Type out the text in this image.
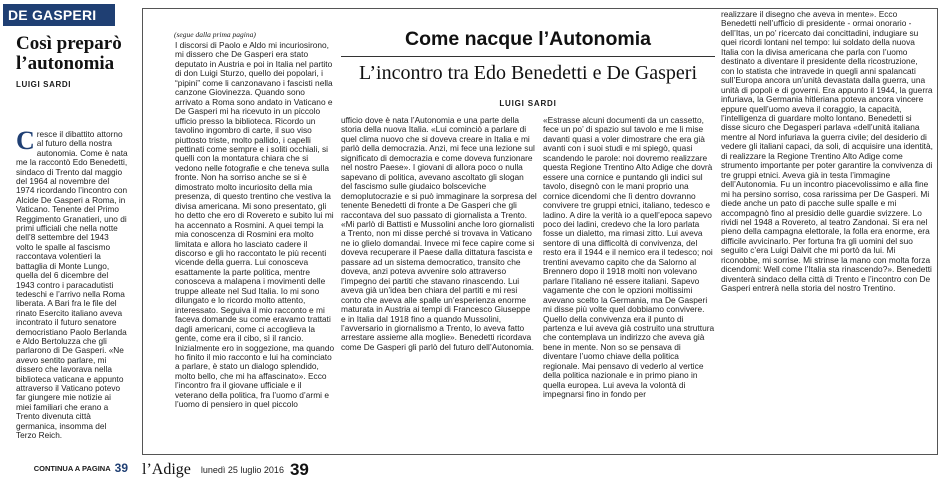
DE GASPERI
Così preparò l’autonomia
LUIGI SARDI
C resce il dibattito attorno al futuro della nostra autonomia. Come è nata me la raccontò Edo Benedetti, sindaco di Trento dal maggio del 1964 al novembre del 1974 ricordando l’incontro con Alcide De Gasperi a Roma, in Vaticano. Tenente del Primo Reggimento Granatieri, uno di primi ufficiali che nella notte dell’8 settembre del 1943 volto le spalle al fascismo raccontava volentieri la battaglia di Monte Lungo, quella del 6 dicembre del 1943 contro i paracadutisti tedeschi e l’arrivo nella Roma liberata. A Bari fra le file del rinato Esercito italiano aveva incontrato il futuro senatore democristiano Paolo Berlanda e Aldo Bertoluzza che gli parlarono di De Gasperi. «Ne avevo sentito parlare, mi dissero che lavorava nella biblioteca vaticana e appunto attraverso il Vaticano potevo far giungere mie notizie ai miei familiari che erano a Trento divenuta città germanica, insomma del Terzo Reich.
CONTINUA A PAGINA 39
(segue dalla prima pagina)
I discorsi di Paolo e Aldo mi incuriosirono, mi dissero che De Gasperi era stato deputato in Austria e poi in Italia nel partito di don Luigi Sturzo, quello dei popolari, i “pipini” come li canzonavano i fascisti nella canzone Giovinezza. Quando sono arrivato a Roma sono andato in Vaticano e De Gasperi mi ha ricevuto in un piccolo ufficio presso la biblioteca. Ricordo un tavolino ingombro di carte, il suo viso piuttosto triste, molto pallido, i capelli pettinati come sempre e i soliti occhiali, si quelli con la montatura chiara che si vedono nelle fotografie e che teneva sulla fronte. Non ha sorriso anche se si è dimostrato molto incuriosito della mia presenza, di questo trentino che vestiva la divisa americana. Mi sono presentato, gli ho detto che ero di Rovereto e subito lui mi ha accennato a Rosmini. A quei tempi la mia conoscenza di Rosmini era molto limitata e allora ho lasciato cadere il discorso e gli ho raccontato le più recenti vicende della guerra. Lui conosceva esattamente la parte politica, mentre conosceva a malapena i movimenti delle truppe alleate nel Sud Italia. Io mi sono dilungato e lo ricordo molto attento, interessato. Seguiva il mio racconto e mi faceva domande su come eravamo trattati dagli americani, come ci accoglieva la gente, come era il cibo, sì il rancio. Inizialmente ero in soggezione, ma quando ho finito il mio racconto e lui ha cominciato a parlare, è stato un dialogo splendido, molto bello, che mi ha affascinato». Ecco l’incontro fra il giovane ufficiale e il veterano della politica, fra l’uomo d’armi e l’uomo di pensiero in quel piccolo
Come nacque l’Autonomia
L’incontro tra Edo Benedetti e De Gasperi
LUIGI SARDI
ufficio dove è nata l’Autonomia e una parte della storia della nuova Italia. «Lui cominciò a parlare di quel clima nuovo che si doveva creare in Italia e mi parlò della democrazia. Anzi, mi fece una lezione sul significato di democrazia e come doveva funzionare nel nostro Paese». I giovani di allora poco o nulla sapevano di politica, avevano ascoltato gli slogan del fascismo sulle giudaico bolsceviche demoplutocrazie e si può immaginare la sorpresa del tenente Benedetti di fronte a De Gasperi che gli raccontava del suo passato di giornalista a Trento. «Mi parlò di Battisti e Mussolini anche loro giornalisti a Trento, non mi disse perché si trovava in Vaticano ne io glielo domandai. Invece mi fece capire come si doveva recuperare il Paese dalla dittatura fascista e passare ad un sistema democratico, transito che doveva, anzi poteva avvenire solo attraverso l’impegno dei partiti che stavano rinascendo. Lui aveva già un’idea ben chiara del partiti e mi resi conto che aveva alle spalle un’esperienza enorme maturata in Austria ai tempi di Francesco Giuseppe e in Italia dal 1918 fino a quando Mussolini, l’avversario in giornalismo a Trento, lo aveva fatto arrestare assieme alla moglie». Benedetti ricordava come De Gasperi gli parlò del futuro dell’Autonomia.
«Estrasse alcuni documenti da un cassetto, fece un po’ di spazio sul tavolo e me li mise davanti quasi a voler dimostrare che era già avanti con i suoi studi e mi spiegò, quasi scandendo le parole: noi dovremo realizzare questa Regione Trentino Alto Adige che dovrà essere una cornice e puntando gli indici sul tavolo, disegnò con le mani proprio una cornice dicendomi che lì dentro dovranno convivere tre gruppi etnici, italiano, tedesco e ladino. A dire la verità io a quell’epoca sapevo poco dei ladini, credevo che la loro parlata fosse un dialetto, ma rimasi zitto. Lui aveva sentore di una difficoltà di convivenza, del resto era il 1944 e il nemico era il tedesco; noi trentini avevamo capito che da Salorno al Brennero dopo il 1918 molti non volevano parlare l’italiano né essere italiani. Sapevo vagamente che con le opzioni moltissimi avevano scelto la Germania, ma De Gasperi mi disse più volte quel dobbiamo convivere. Quello della convivenza era il punto di partenza e lui aveva già costruito una struttura che contemplava un indirizzo che aveva già bene in mente. Non so se pensava di diventare l’uomo chiave della politica regionale. Mai pensavo di vederlo al vertice della politica nazionale e in primo piano in quella europea. Lui aveva la volontà di impegnarsi fino in fondo per
realizzare il disegno che aveva in mente». Ecco Benedetti nell’ufficio di presidente - ormai onorario - dell’Itas, un po’ ricercato dai concittadini, indugiare su quei ricordi lontani nel tempo: lui soldato della nuova Italia con la divisa americana che parla con l’uomo destinato a diventare il presidente della ricostruzione, con lo statista che intravede in quegli anni spalancati sull’Europa ancora un’unità devastata dalla guerra, una unità di popoli e di governi. Era appunto il 1944, la guerra infuriava, la Germania hitleriana poteva ancora vincere eppure quell’uomo aveva il coraggio, la capacità, l’intelligenza di guardare molto lontano. Benedetti si disse sicuro che Degasperi parlava «dell’unità italiana mentre al Nord infuriava la guerra civile; del desiderio di vedere gli italiani capaci, da soli, di acquisire una identità, di realizzare la Regione Trentino Alto Adige come strumento importante per poter garantire la convivenza di tre gruppi etnici. Aveva già in testa l’immagine dell’Autonomia. Fu un incontro piacevolissimo e alla fine mi ha persino sorriso, cosa rarissima per De Gasperi. Mi diede anche un pato di pacche sulle spalle e mi accompagnò fino al presidio delle guardie svizzere. Lo rividi nel 1948 a Rovereto, al teatro Zandonai. Si era nel pieno della campagna elettorale, la folla era enorme, era difficile avvicinarlo. Per fortuna fra gli uomini del suo seguito c’era Luigi Dalvit che mi portò da lui. Mi riconobbe, mi sorrise. Mi strinse la mano con molta forza dicendomi: Well come l’Italia sta rinascendo?». Benedetti diventerà sindaco della città di Trento e l’incontro con De Gasperi entrerà nella storia del nostro Trentino.
l’Adige lunedì 25 luglio 2016 39
